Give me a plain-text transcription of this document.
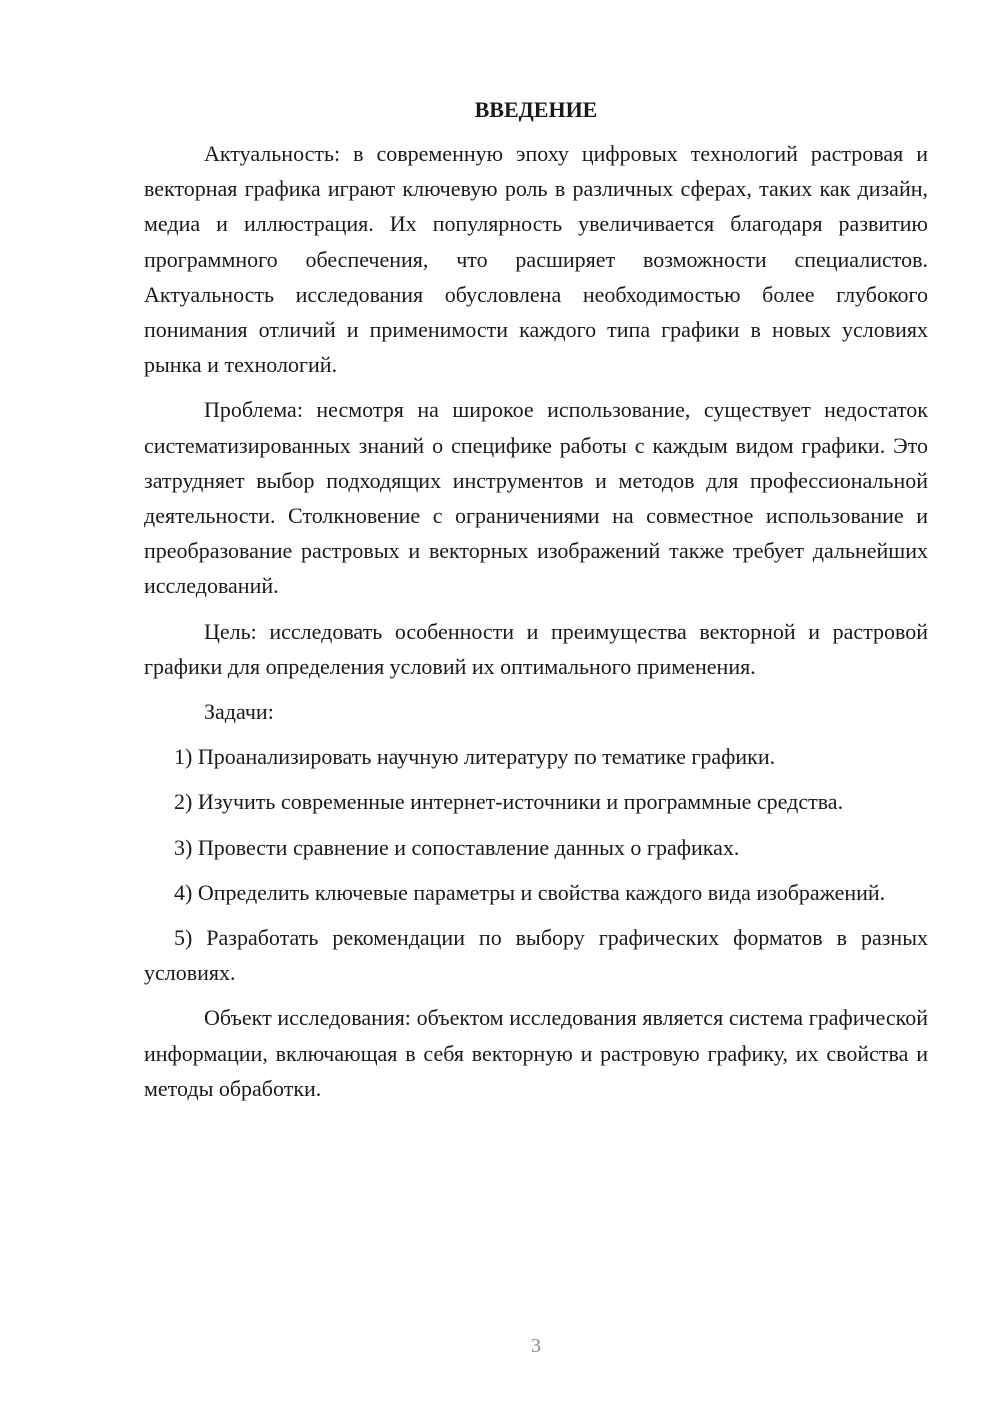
ВВЕДЕНИЕ

Актуальность: в современную эпоху цифровых технологий растровая и векторная графика играют ключевую роль в различных сферах, таких как дизайн, медиа и иллюстрация. Их популярность увеличивается благодаря развитию программного обеспечения, что расширяет возможности специалистов. Актуальность исследования обусловлена необходимостью более глубокого понимания отличий и применимости каждого типа графики в новых условиях рынка и технологий.

Проблема: несмотря на широкое использование, существует недостаток систематизированных знаний о специфике работы с каждым видом графики. Это затрудняет выбор подходящих инструментов и методов для профессиональной деятельности. Столкновение с ограничениями на совместное использование и преобразование растровых и векторных изображений также требует дальнейших исследований.

Цель: исследовать особенности и преимущества векторной и растровой графики для определения условий их оптимального применения.

Задачи:

1) Проанализировать научную литературу по тематике графики.

2) Изучить современные интернет-источники и программные средства.

3) Провести сравнение и сопоставление данных о графиках.

4) Определить ключевые параметры и свойства каждого вида изображений.

5) Разработать рекомендации по выбору графических форматов в разных условиях.

Объект исследования: объектом исследования является система графической информации, включающая в себя векторную и растровую графику, их свойства и методы обработки.

3
